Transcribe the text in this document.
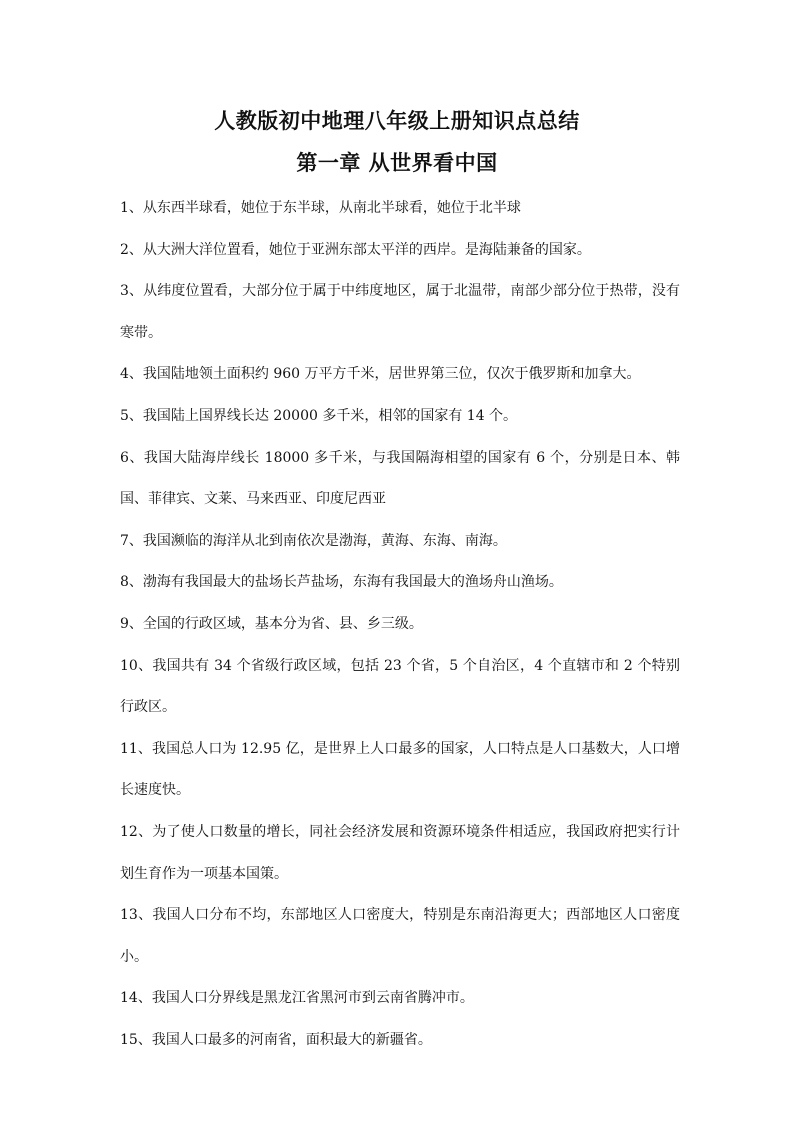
人教版初中地理八年级上册知识点总结
第一章 从世界看中国

1、从东西半球看，她位于东半球，从南北半球看，她位于北半球

2、从大洲大洋位置看，她位于亚洲东部太平洋的西岸。是海陆兼备的国家。

3、从纬度位置看，大部分位于属于中纬度地区，属于北温带，南部少部分位于热带，没有寒带。

4、我国陆地领土面积约 960 万平方千米，居世界第三位，仅次于俄罗斯和加拿大。

5、我国陆上国界线长达 20000 多千米，相邻的国家有 14 个。

6、我国大陆海岸线长 18000 多千米，与我国隔海相望的国家有 6 个，分别是日本、韩国、菲律宾、文莱、马来西亚、印度尼西亚

7、我国濒临的海洋从北到南依次是渤海，黄海、东海、南海。

8、渤海有我国最大的盐场长芦盐场，东海有我国最大的渔场舟山渔场。

9、全国的行政区域，基本分为省、县、乡三级。

10、我国共有 34 个省级行政区域，包括 23 个省，5 个自治区，4 个直辖市和 2 个特别行政区。

11、我国总人口为 12.95 亿，是世界上人口最多的国家，人口特点是人口基数大，人口增长速度快。

12、为了使人口数量的增长，同社会经济发展和资源环境条件相适应，我国政府把实行计划生育作为一项基本国策。

13、我国人口分布不均，东部地区人口密度大，特别是东南沿海更大；西部地区人口密度小。

14、我国人口分界线是黑龙江省黑河市到云南省腾冲市。

15、我国人口最多的河南省，面积最大的新疆省。
